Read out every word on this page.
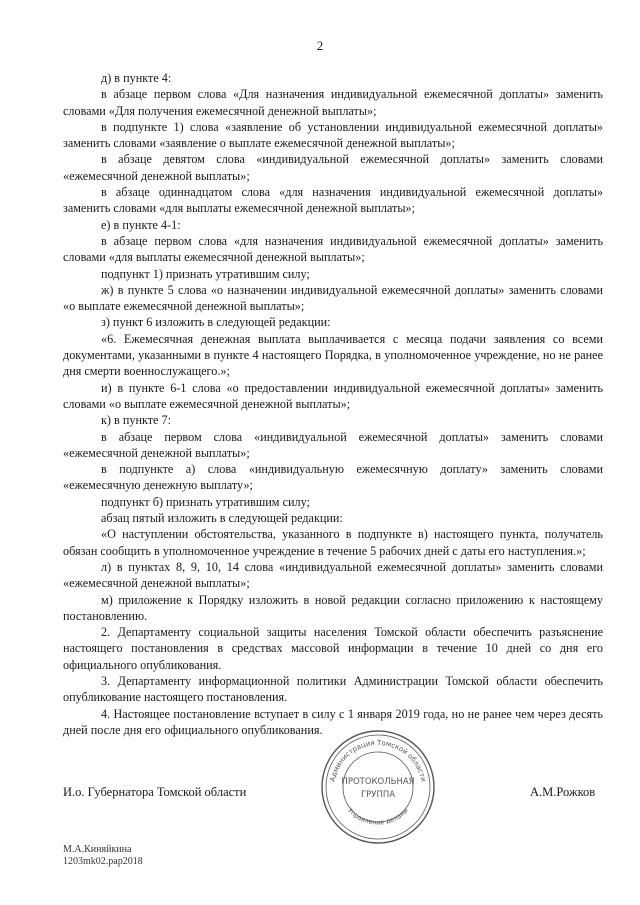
2

д) в пункте 4:

в абзаце первом слова «Для назначения индивидуальной ежемесячной доплаты» заменить словами «Для получения ежемесячной денежной выплаты»;

в подпункте 1) слова «заявление об установлении индивидуальной ежемесячной доплаты» заменить словами «заявление о выплате ежемесячной денежной выплаты»;

в абзаце девятом слова «индивидуальной ежемесячной доплаты» заменить словами «ежемесячной денежной выплаты»;

в абзаце одиннадцатом слова «для назначения индивидуальной ежемесячной доплаты» заменить словами «для выплаты ежемесячной денежной выплаты»;

е) в пункте 4-1:

в абзаце первом слова «для назначения индивидуальной ежемесячной доплаты» заменить словами «для выплаты ежемесячной денежной выплаты»;

подпункт 1) признать утратившим силу;

ж) в пункте 5 слова «о назначении индивидуальной ежемесячной доплаты» заменить словами «о выплате ежемесячной денежной выплаты»;

з) пункт 6 изложить в следующей редакции:

«6. Ежемесячная денежная выплата выплачивается с месяца подачи заявления со всеми документами, указанными в пункте 4 настоящего Порядка, в уполномоченное учреждение, но не ранее дня смерти военнослужащего.»;

и) в пункте 6-1 слова «о предоставлении индивидуальной ежемесячной доплаты» заменить словами «о выплате ежемесячной денежной выплаты»;

к) в пункте 7:

в абзаце первом слова «индивидуальной ежемесячной доплаты» заменить словами «ежемесячной денежной выплаты»;

в подпункте а) слова «индивидуальную ежемесячную доплату» заменить словами «ежемесячную денежную выплату»;

подпункт б) признать утратившим силу;

абзац пятый изложить в следующей редакции:

«О наступлении обстоятельства, указанного в подпункте в) настоящего пункта, получатель обязан сообщить в уполномоченное учреждение в течение 5 рабочих дней с даты его наступления.»;

л) в пунктах 8, 9, 10, 14 слова «индивидуальной ежемесячной доплаты» заменить словами «ежемесячной денежной выплаты»;

м) приложение к Порядку изложить в новой редакции согласно приложению к настоящему постановлению.

2. Департаменту социальной защиты населения Томской области обеспечить разъяснение настоящего постановления в средствах массовой информации в течение 10 дней со дня его официального опубликования.

3. Департаменту информационной политики Администрации Томской области обеспечить опубликование настоящего постановления.

4. Настоящее постановление вступает в силу с 1 января 2019 года, но не ранее чем через десять дней после дня его официального опубликования.

И.о. Губернатора Томской области	А.М.Рожков
Администрация Томской области
Управление делами
ПРОТОКОЛЬНАЯ
ГРУППА
М.А.Киняйкина
1203mk02.pap2018
